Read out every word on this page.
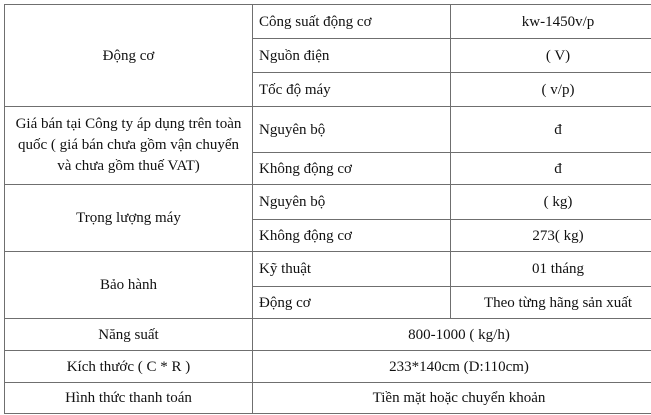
Động cơ	Công suất động cơ	kw-1450v/p
	Nguồn điện	( V)
	Tốc độ máy	( v/p)
Giá bán tại Công ty áp dụng trên toàn quốc ( giá bán chưa gồm vận chuyển và chưa gồm thuế VAT)	Nguyên bộ	đ
	Không động cơ	đ
Trọng lượng máy	Nguyên bộ	( kg)
	Không động cơ	273( kg)
Bảo hành	Kỹ thuật	01 tháng
	Động cơ	Theo từng hãng sản xuất
Năng suất	800-1000 ( kg/h)	
Kích thước ( C * R )	233*140cm (D:110cm)	
Hình thức thanh toán	Tiền mặt hoặc chuyển khoản	
